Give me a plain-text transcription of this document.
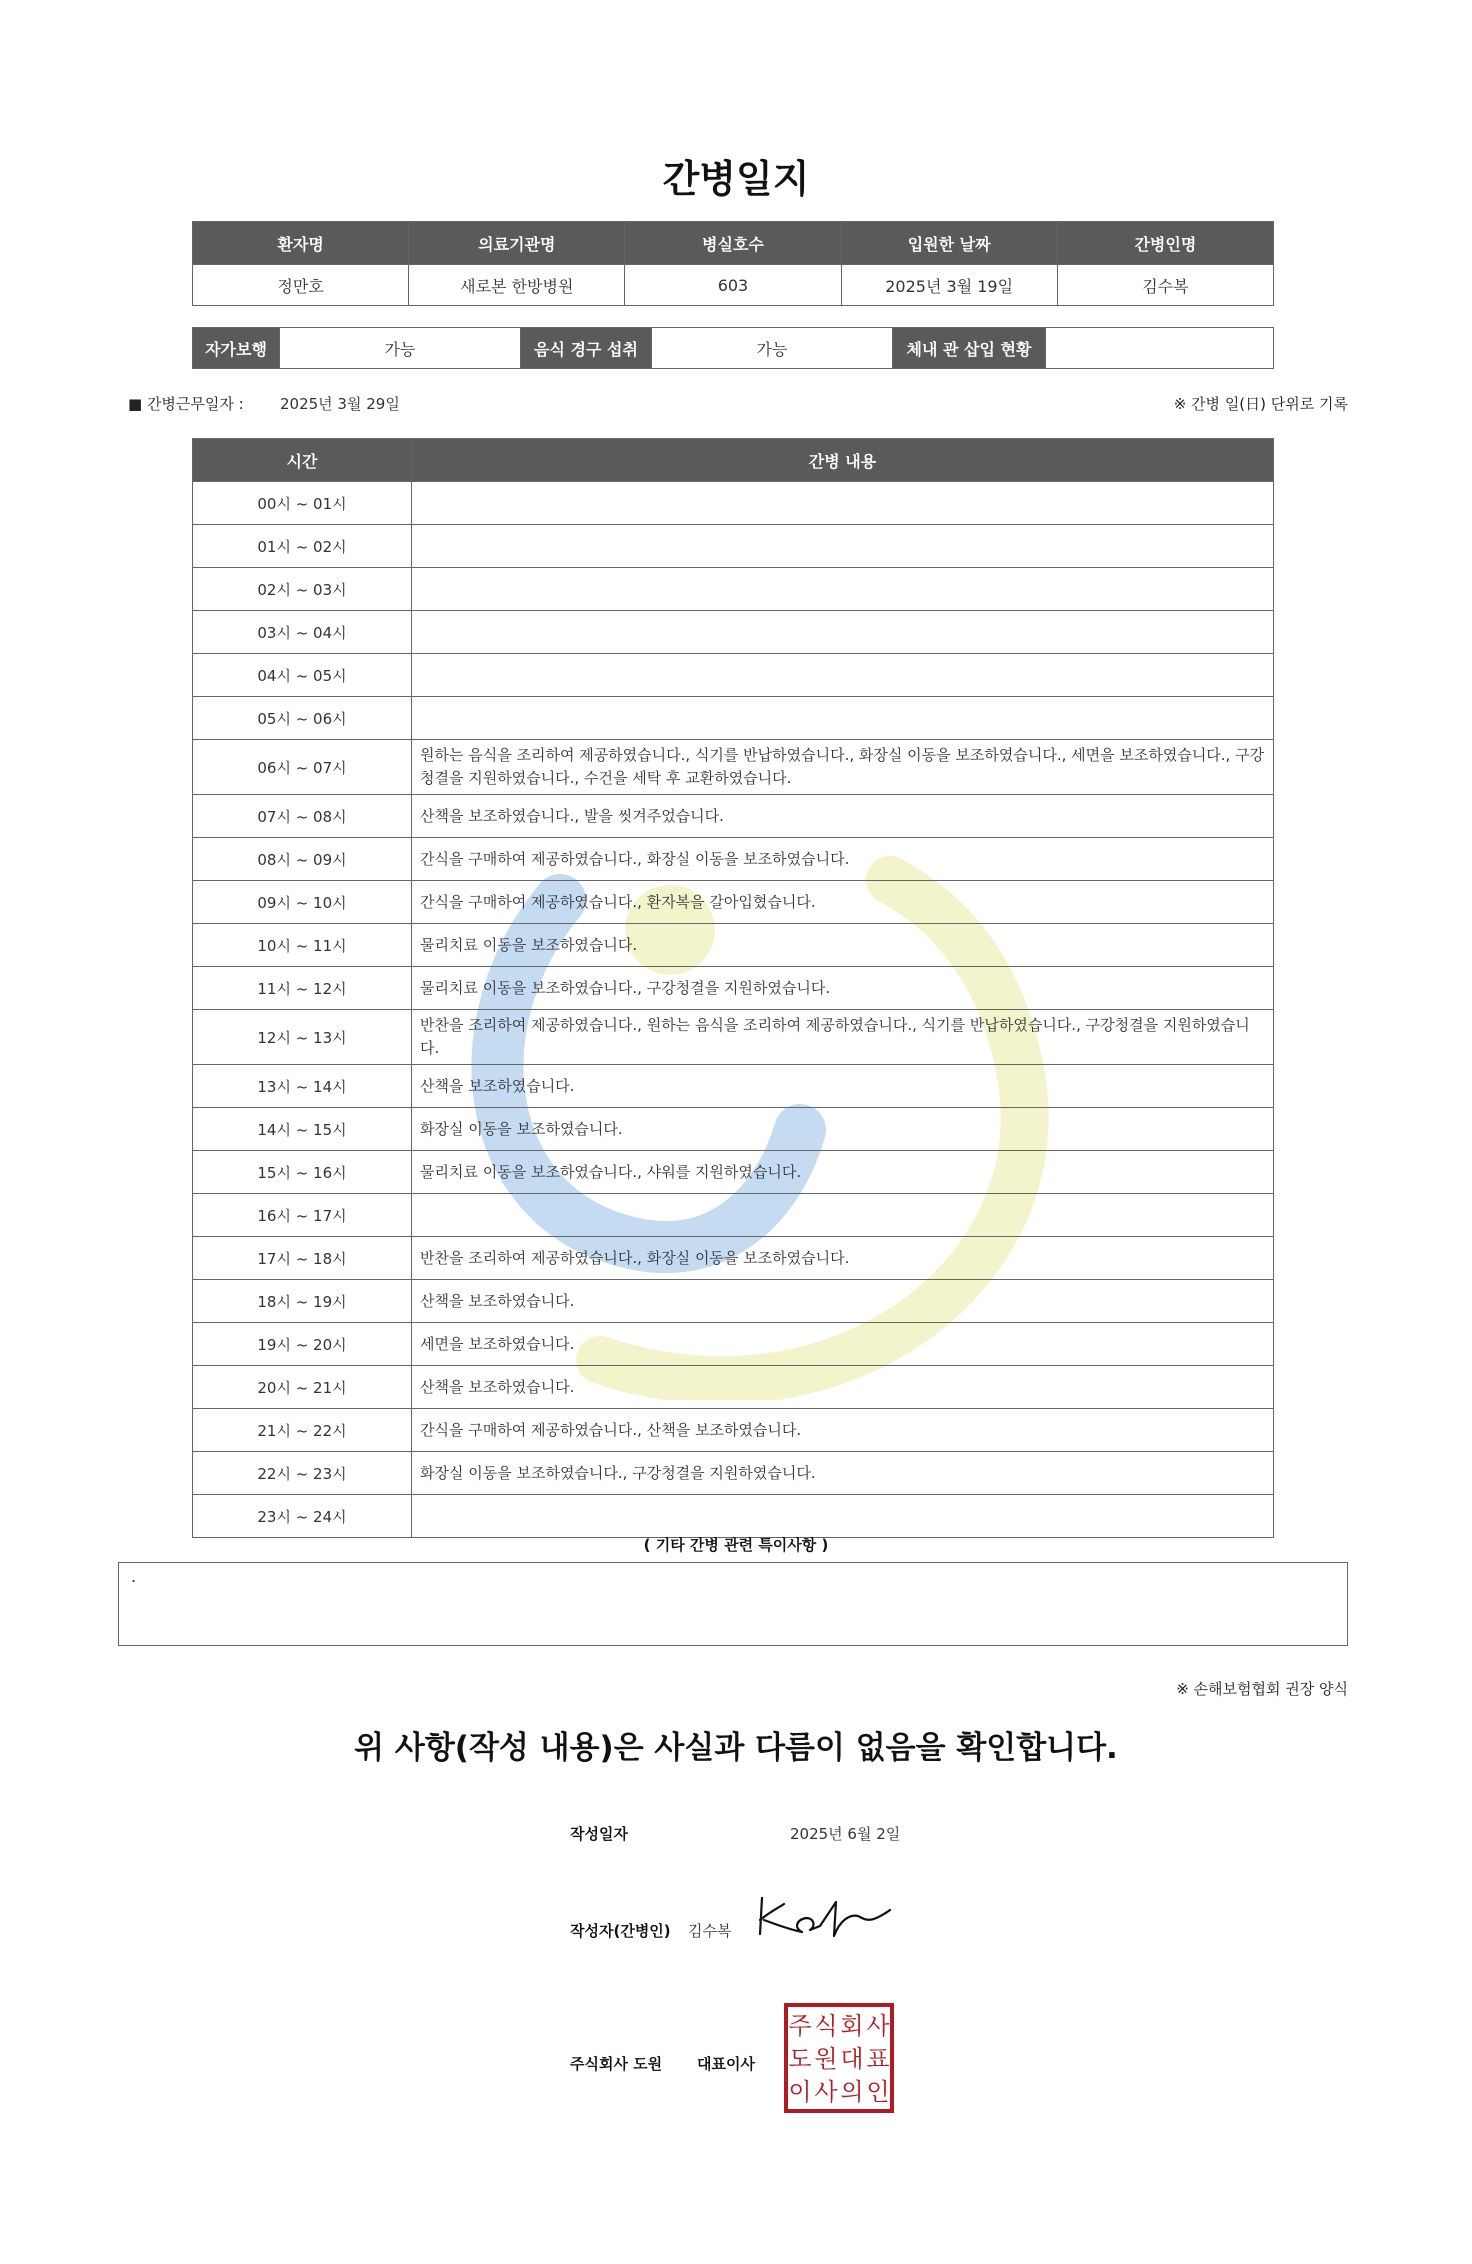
간병일지
환자명	의료기관명	병실호수	입원한 날짜	간병인명
정만호	새로본 한방병원	603	2025년 3월 19일	김수복
자가보행	가능	음식 경구 섭취	가능	체내 관 삽입 현황	
■ 간병근무일자 : 2025년 3월 29일	※ 간병 일(日) 단위로 기록
시간	간병 내용
00시 ~ 01시	
01시 ~ 02시	
02시 ~ 03시	
03시 ~ 04시	
04시 ~ 05시	
05시 ~ 06시	
06시 ~ 07시	원하는 음식을 조리하여 제공하였습니다., 식기를 반납하였습니다., 화장실 이동을 보조하였습니다., 세면을 보조하였습니다., 구강청결을 지원하였습니다., 수건을 세탁 후 교환하였습니다.
07시 ~ 08시	산책을 보조하였습니다., 발을 씻겨주었습니다.
08시 ~ 09시	간식을 구매하여 제공하였습니다., 화장실 이동을 보조하였습니다.
09시 ~ 10시	간식을 구매하여 제공하였습니다., 환자복을 갈아입혔습니다.
10시 ~ 11시	물리치료 이동을 보조하였습니다.
11시 ~ 12시	물리치료 이동을 보조하였습니다., 구강청결을 지원하였습니다.
12시 ~ 13시	반찬을 조리하여 제공하였습니다., 원하는 음식을 조리하여 제공하였습니다., 식기를 반납하였습니다., 구강청결을 지원하였습니다.
13시 ~ 14시	산책을 보조하였습니다.
14시 ~ 15시	화장실 이동을 보조하였습니다.
15시 ~ 16시	물리치료 이동을 보조하였습니다., 샤워를 지원하였습니다.
16시 ~ 17시	
17시 ~ 18시	반찬을 조리하여 제공하였습니다., 화장실 이동을 보조하였습니다.
18시 ~ 19시	산책을 보조하였습니다.
19시 ~ 20시	세면을 보조하였습니다.
20시 ~ 21시	산책을 보조하였습니다.
21시 ~ 22시	간식을 구매하여 제공하였습니다., 산책을 보조하였습니다.
22시 ~ 23시	화장실 이동을 보조하였습니다., 구강청결을 지원하였습니다.
23시 ~ 24시	
( 기타 간병 관련 특이사항 )
.
※ 손해보험협회 권장 양식
위 사항(작성 내용)은 사실과 다름이 없음을 확인합니다.
작성일자	2025년 6월 2일
작성자(간병인) 김수복
주식회사 도원 대표이사
주 식 회 사
도 원 대 표
이 사 의 인
